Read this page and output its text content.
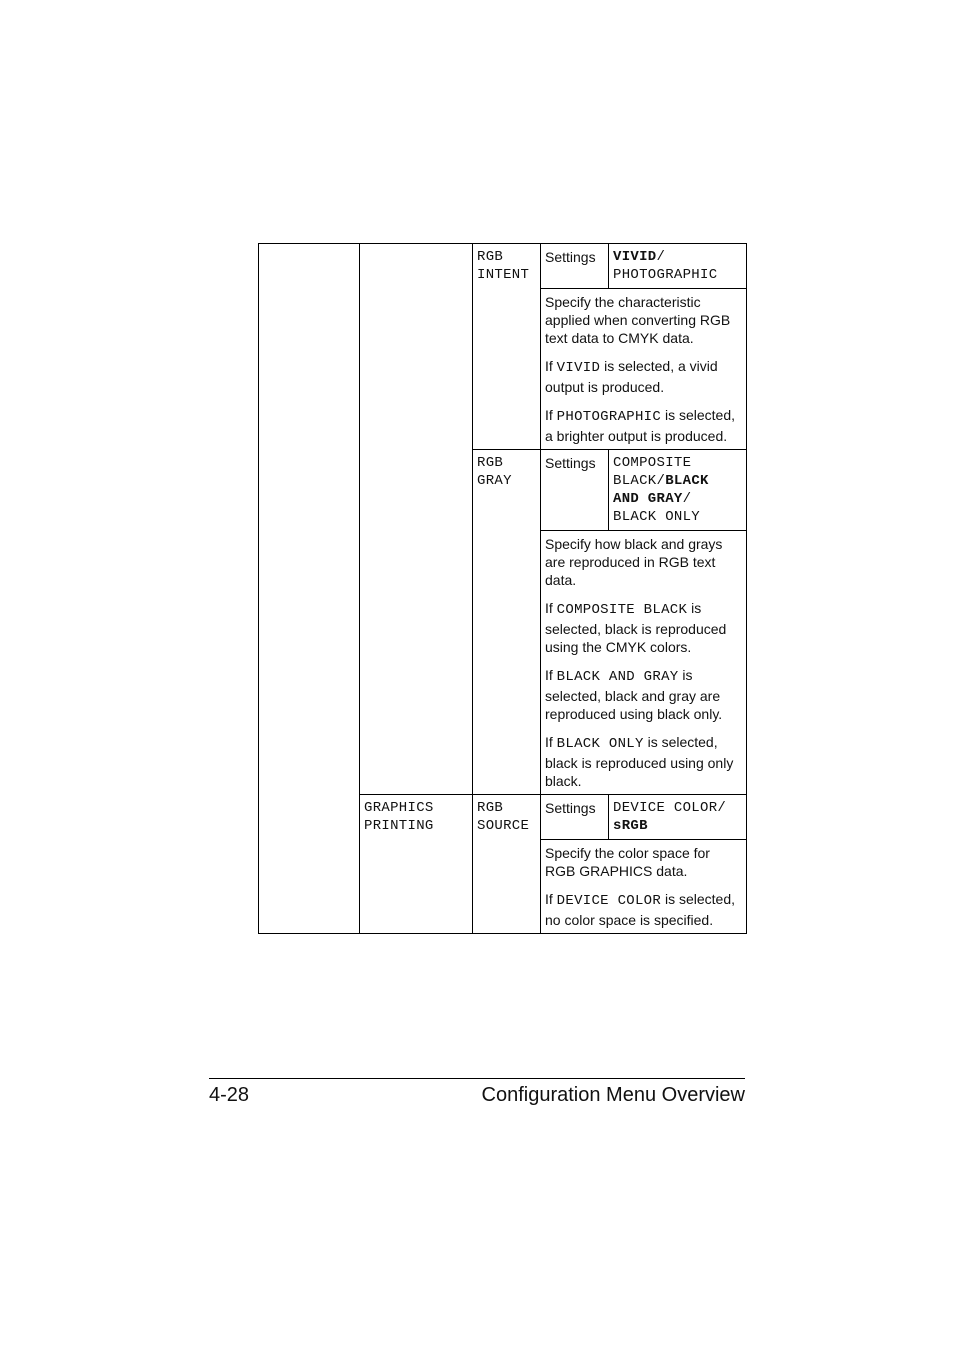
		RGB INTENT	Settings	VIVID/
PHOTOGRAPHIC

			Specify the characteristic applied when converting RGB text data to CMYK data.

If VIVID is selected, a vivid output is produced.

If PHOTOGRAPHIC is selected, a brighter output is produced.	

		RGB GRAY	Settings	COMPOSITE BLACK/BLACK AND GRAY/ BLACK ONLY

			Specify how black and grays are reproduced in RGB text data.

If COMPOSITE BLACK is selected, black is reproduced using the CMYK colors.

If BLACK AND GRAY is selected, black and gray are reproduced using black only.

If BLACK ONLY is selected, black is reproduced using only black.	

	GRAPHICS PRINTING	RGB SOURCE	Settings	DEVICE COLOR/
sRGB

			Specify the color space for RGB GRAPHICS data.

If DEVICE COLOR is selected, no color space is specified.	

4-28	Configuration Menu Overview
